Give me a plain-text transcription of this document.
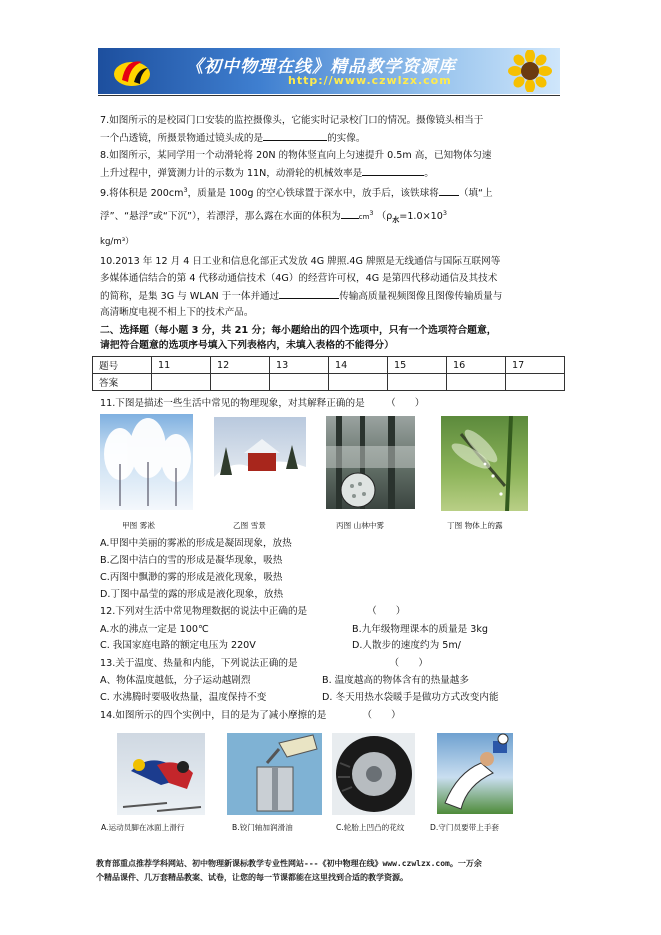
《初中物理在线》精品教学资源库
http://www.czwlzx.com
7.如图所示的是校园门口安装的监控摄像头，它能实时记录校门口的情况。摄像镜头相当于
一个凸透镜，所摄景物通过镜头成的是	的实像。
8.如图所示，某同学用一个动滑轮将 20N 的物体竖直向上匀速提升 0.5m 高，已知物体匀速
上升过程中，弹簧测力计的示数为 11N，动滑轮的机械效率是	。
9.将体积是 $200cm^3$，质量是 100g 的空心铁球置于深水中，放手后，该铁球将 （填“上
浮”、“悬浮”或“下沉”），若漂浮，那么露在水面的体积为	$cm^3$ （$\rho_水=1.0\times 10^3$
kg/m³）
10.2013 年 12 月 4 日工业和信息化部正式发放 4G 牌照.4G 牌照是无线通信与国际互联网等
多媒体通信结合的第 4 代移动通信技术（4G）的经营许可权，4G 是第四代移动通信及其技术
的简称，是集 3G 与 WLAN 于一体并通过	传输高质量视频图像且图像传输质量与
高清晰度电视不相上下的技术产品。
二、选择题（每小题 3 分，共 21 分；每小题给出的四个选项中，只有一个选项符合题意，
请把符合题意的选项序号填入下列表格内，未填入表格的不能得分）
题号	11	12	13	14	15	16	17
答案							
11.下图是描述一些生活中常见的物理现象，对其解释正确的是 （　　）
甲图 雾凇	乙图 雪景	丙图 山林中雾	丁图 物体上的露
A.甲图中美丽的雾凇的形成是凝固现象，放热
B.乙图中洁白的雪的形成是凝华现象，吸热
C.丙图中飘渺的雾的形成是液化现象，吸热
D.丁图中晶莹的露的形成是液化现象，放热
12.下列对生活中常见物理数据的说法中正确的是	（　　）
A.水的沸点一定是 100℃	B.九年级物理课本的质量是 3kg
C. 我国家庭电路的额定电压为 220V	D.人散步的速度约为 5m/
13.关于温度、热量和内能，下列说法正确的是	（　　）
A、物体温度越低，分子运动越剧烈	B. 温度越高的物体含有的热量越多
C. 水沸腾时要吸收热量，温度保持不变	D. 冬天用热水袋暖手是做功方式改变内能
14.如图所示的四个实例中，目的是为了减小摩擦的是	（　　）
A.运动员脚在冰面上滑行	B.铰门轴加润滑油	C.轮胎上凹凸的花纹	D.守门员要带上手套
教育部重点推荐学科网站、初中物理新课标教学专业性网站---《初中物理在线》www.czwlzx.com。一万余
个精品课件、几万套精品教案、试卷，让您的每一节课都能在这里找到合适的教学资源。
